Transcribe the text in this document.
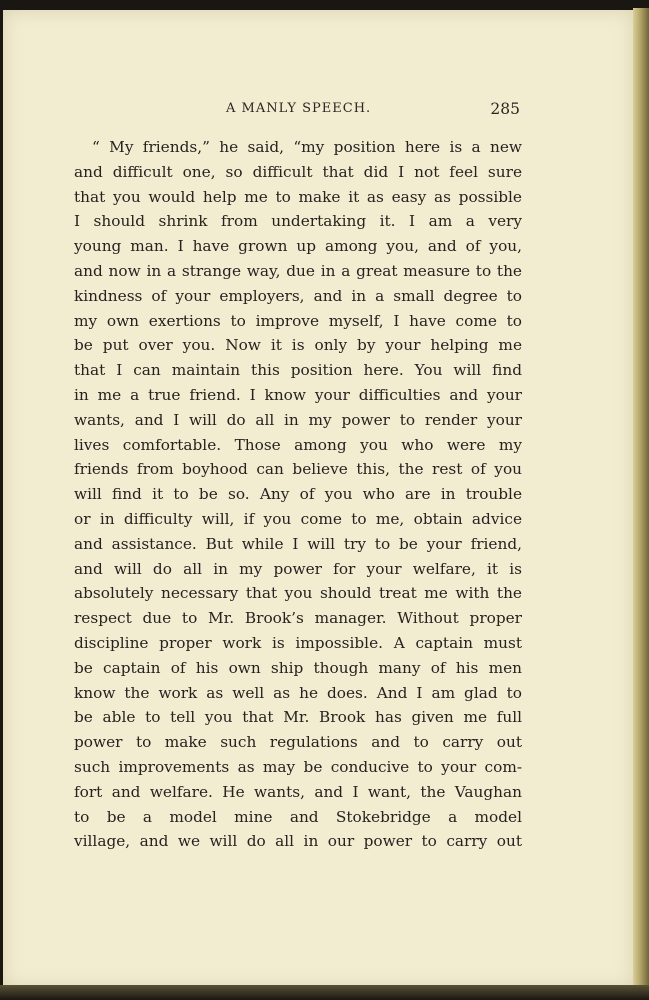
A MANLY SPEECH.	285
“ My friends,” he said, “my position here is a new
and difficult one, so difficult that did I not feel sure
that you would help me to make it as easy as possible
I should shrink from undertaking it. I am a very
young man. I have grown up among you, and of you,
and now in a strange way, due in a great measure to the
kindness of your employers, and in a small degree to
my own exertions to improve myself, I have come to
be put over you. Now it is only by your helping me
that I can maintain this position here. You will find
in me a true friend. I know your difficulties and your
wants, and I will do all in my power to render your
lives comfortable. Those among you who were my
friends from boyhood can believe this, the rest of you
will find it to be so. Any of you who are in trouble
or in difficulty will, if you come to me, obtain advice
and assistance. But while I will try to be your friend,
and will do all in my power for your welfare, it is
absolutely necessary that you should treat me with the
respect due to Mr. Brook’s manager. Without proper
discipline proper work is impossible. A captain must
be captain of his own ship though many of his men
know the work as well as he does. And I am glad to
be able to tell you that Mr. Brook has given me full
power to make such regulations and to carry out
such improvements as may be conducive to your com-
fort and welfare. He wants, and I want, the Vaughan
to be a model mine and Stokebridge a model
village, and we will do all in our power to carry out
